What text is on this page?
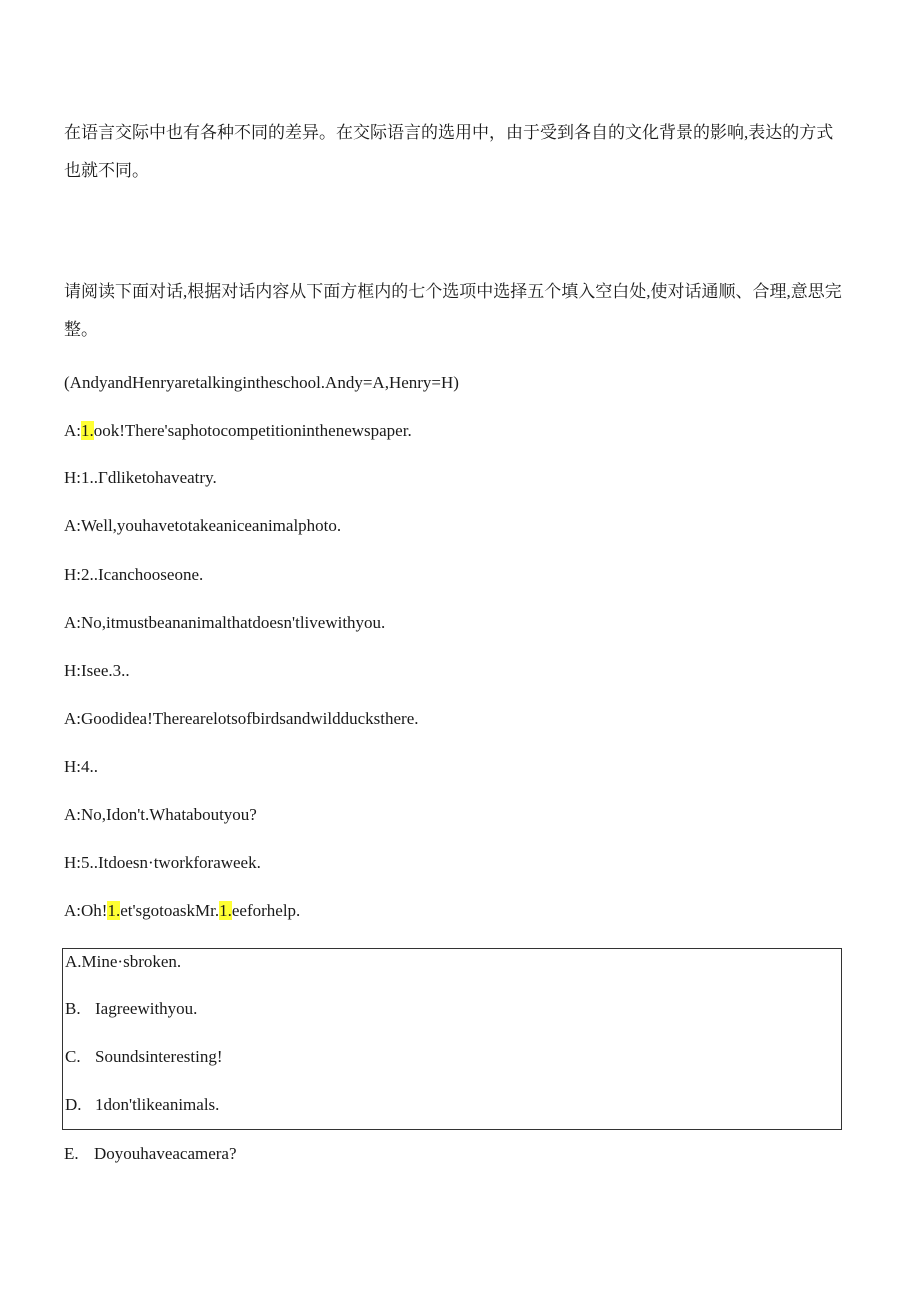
在语言交际中也有各种不同的差异。在交际语言的选用中，由于受到各自的文化背景的影响,表达的方式也就不同。

请阅读下面对话,根据对话内容从下面方框内的七个选项中选择五个填入空白处,使对话通顺、合理,意思完整。

(AndyandHenryaretalkingintheschool.Andy=A,Henry=H)

A:1.ook!There'saphotocompetitioninthenewspaper.

H:1..Γdliketohaveatry.

A:Well,youhavetotakeaniceanimalphoto.

H:2..Icanchooseone.

A:No,itmustbeananimalthatdoesn'tlivewithyou.

H:Isee.3..

A:Goodidea!Therearelotsofbirdsandwildducksthere.

H:4..

A:No,Idon't.Whataboutyou?

H:5..Itdoesn·tworkforaweek.

A:Oh!1.et'sgotoaskMr.1.eeforhelp.

A.Mine·sbroken.
B. Iagreewithyou.
C. Soundsinteresting!
D. 1don'tlikeanimals.

E. Doyouhaveacamera?
